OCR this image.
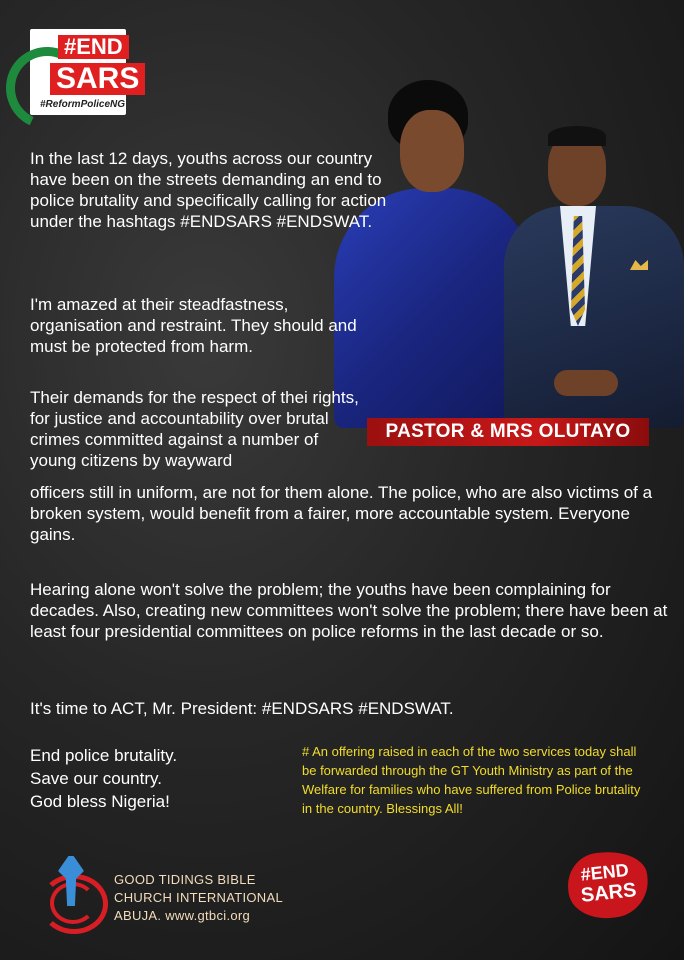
#END
SARS
#ReformPoliceNG
PASTOR & MRS OLUTAYO

In the last 12 days, youths across our country have been on the streets demanding an end to police brutality and specifically calling for action under the hashtags #ENDSARS #ENDSWAT.

I'm amazed at their steadfastness, organisation and restraint. They should and must be protected from harm.

Their demands for the respect of thei rights, for justice and accountability over brutal crimes committed against a number of young citizens by wayward

officers still in uniform, are not for them alone. The police, who are also victims of a broken system, would benefit from a fairer, more accountable system. Everyone gains.

Hearing alone won't solve the problem; the youths have been complaining for decades. Also, creating new committees won't solve the problem; there have been at least four presidential committees on police reforms in the last decade or so.

It's time to ACT, Mr. President: #ENDSARS #ENDSWAT.

End police brutality.
Save our country.
God bless Nigeria!

# An offering raised in each of the two services today shall be forwarded through the GT Youth Ministry as part of the Welfare for families who have suffered from Police brutality in the country. Blessings All!

GOOD TIDINGS BIBLE
CHURCH INTERNATIONAL
ABUJA. www.gtbci.org
#END
SARS
